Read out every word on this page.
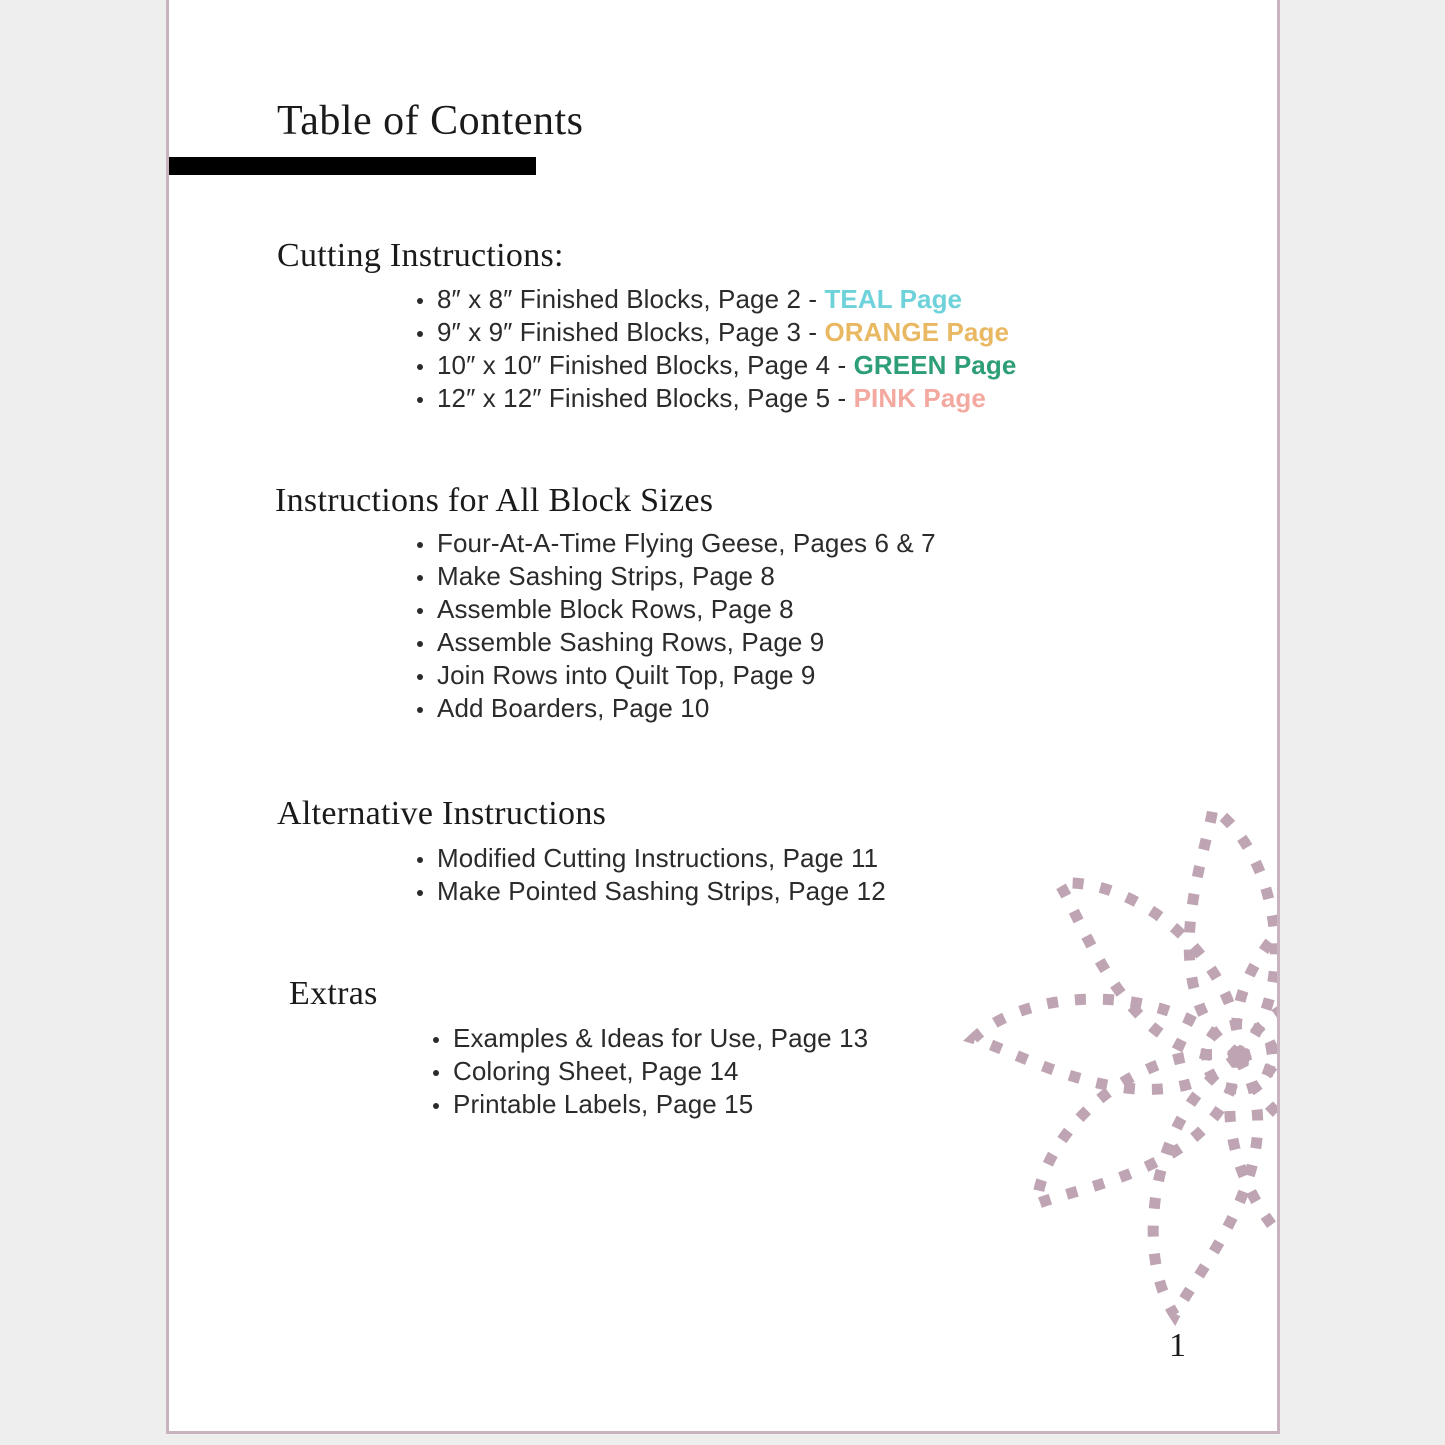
Table of Contents
Cutting Instructions:
8″ x 8″ Finished Blocks, Page 2 - TEAL Page
9″ x 9″ Finished Blocks, Page 3 - ORANGE Page
10″ x 10″ Finished Blocks, Page 4 - GREEN Page
12″ x 12″ Finished Blocks, Page 5 - PINK Page
Instructions for All Block Sizes
Four-At-A-Time Flying Geese, Pages 6 & 7
Make Sashing Strips, Page 8
Assemble Block Rows, Page 8
Assemble Sashing Rows, Page 9
Join Rows into Quilt Top, Page 9
Add Boarders, Page 10
Alternative Instructions
Modified Cutting Instructions, Page 11
Make Pointed Sashing Strips, Page 12
Extras
Examples & Ideas for Use, Page 13
Coloring Sheet, Page 14
Printable Labels, Page 15
1
